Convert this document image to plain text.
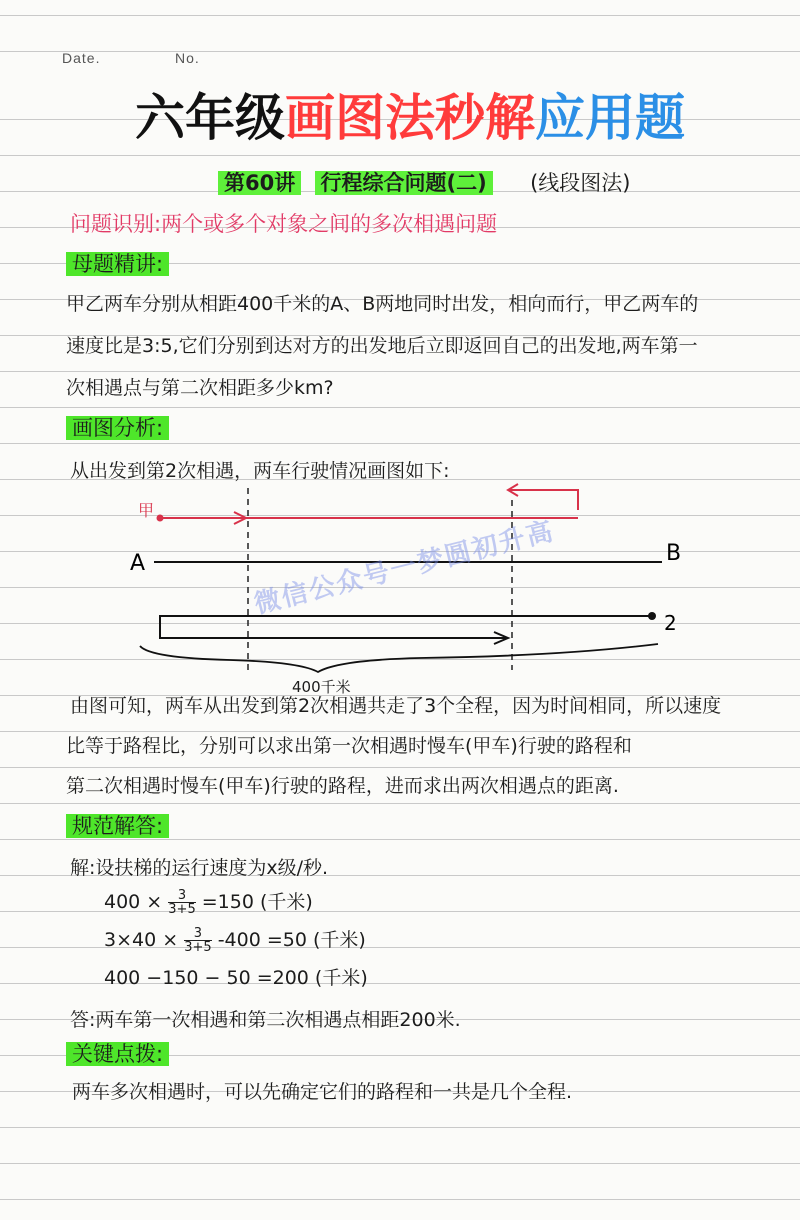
Date.	No.
六年级画图法秒解应用题
第60讲 行程综合问题(二) (线段图法)
问题识别:两个或多个对象之间的多次相遇问题
母题精讲:
甲乙两车分别从相距400千米的A、B两地同时出发，相向而行，甲乙两车的
速度比是3:5,它们分别到达对方的出发地后立即返回自己的出发地,两车第一
次相遇点与第二次相距多少km?
画图分析:
从出发到第2次相遇，两车行驶情况画图如下:
甲
A	B
2
400千米
微信公众号一梦圆初升高
由图可知，两车从出发到第2次相遇共走了3个全程，因为时间相同，所以速度
比等于路程比，分别可以求出第一次相遇时慢车(甲车)行驶的路程和
第二次相遇时慢车(甲车)行驶的路程，进而求出两次相遇点的距离.
规范解答:
解:设扶梯的运行速度为x级/秒.
$400 \times \frac{3}{3+5} =150$ (千米)
$3\times 40 \times \frac{3}{3+5} -400 =50$ (千米)
400 −150 − 50 =200 (千米)
答:两车第一次相遇和第二次相遇点相距200米.
关键点拨:
两车多次相遇时，可以先确定它们的路程和一共是几个全程.
